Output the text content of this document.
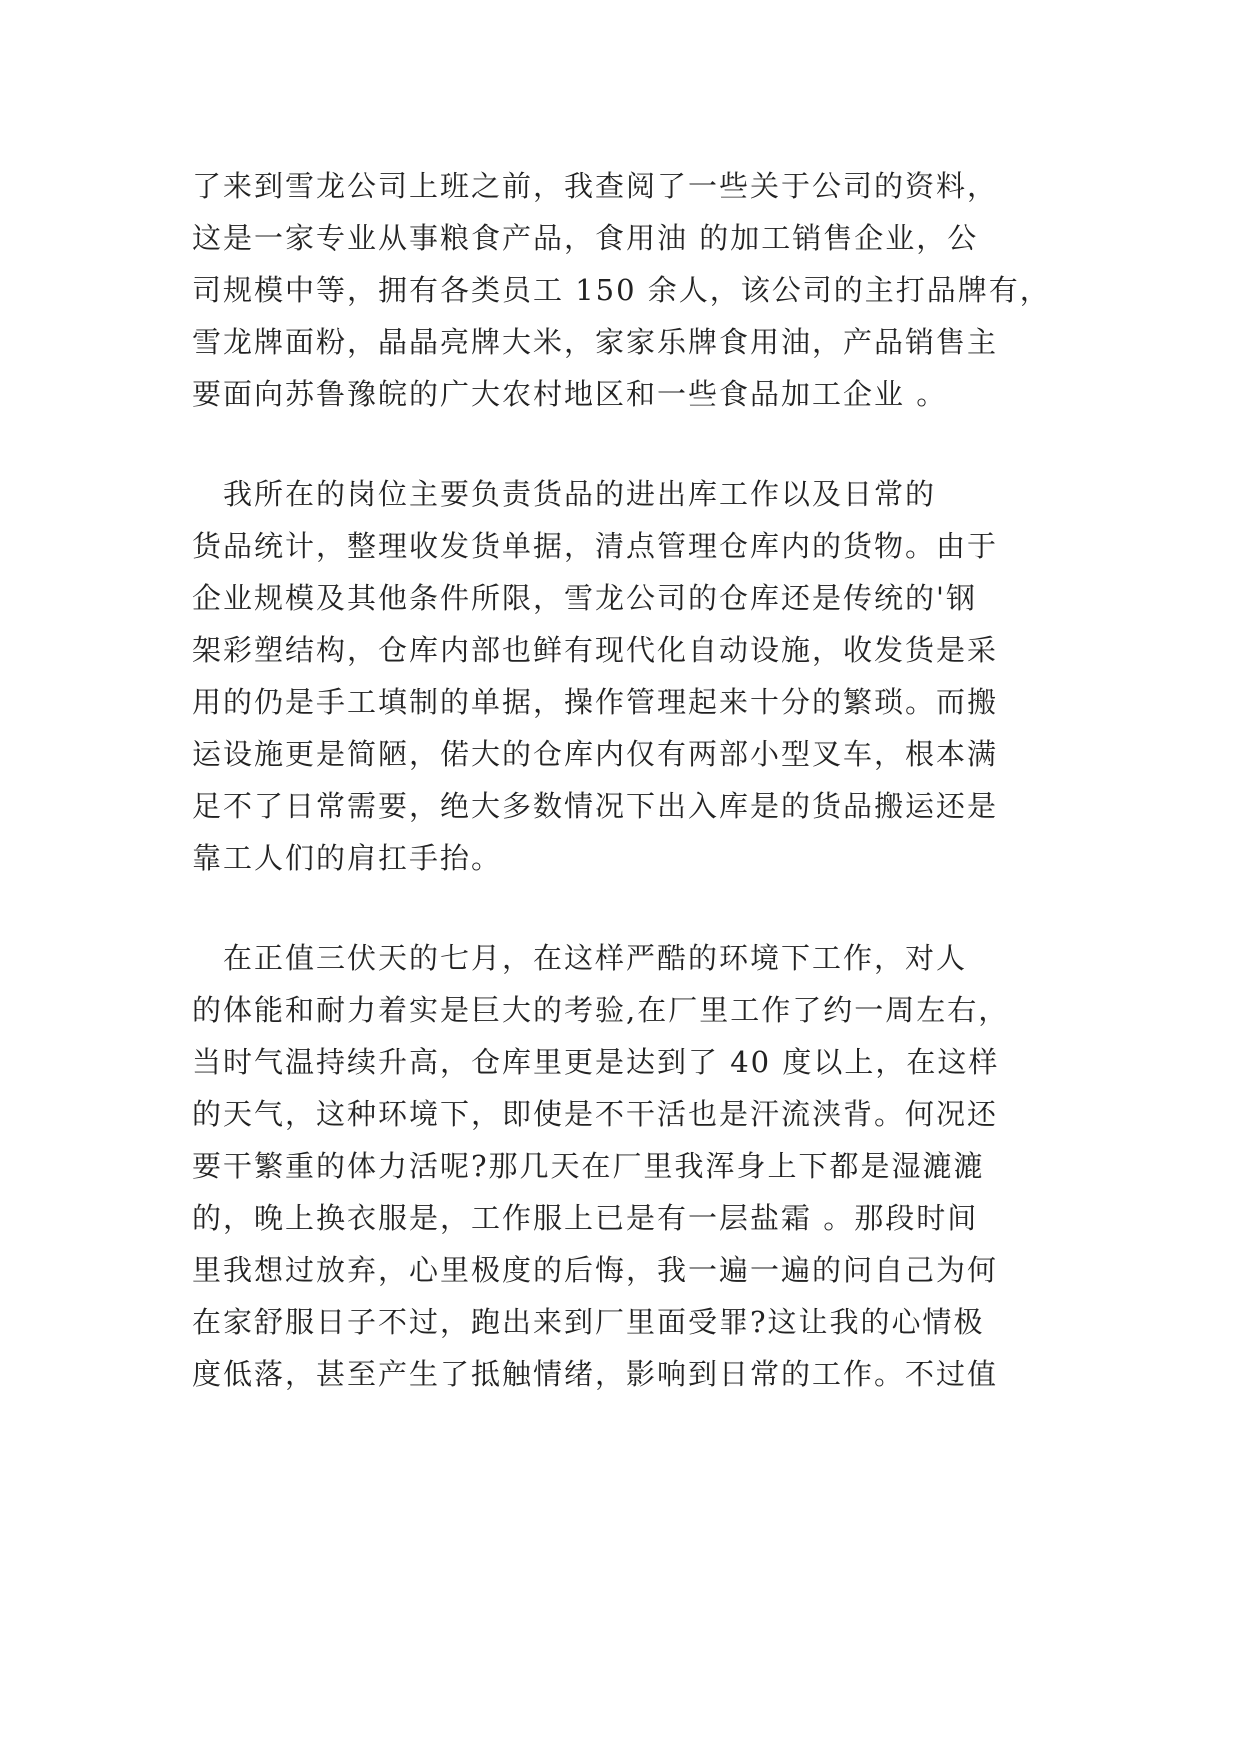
了来到雪龙公司上班之前，我查阅了一些关于公司的资料，
这是一家专业从事粮食产品，食用油 的加工销售企业，公
司规模中等，拥有各类员工 150 余人，该公司的主打品牌有，
雪龙牌面粉，晶晶亮牌大米，家家乐牌食用油，产品销售主
要面向苏鲁豫皖的广大农村地区和一些食品加工企业 。
　我所在的岗位主要负责货品的进出库工作以及日常的
货品统计，整理收发货单据，清点管理仓库内的货物。由于
企业规模及其他条件所限，雪龙公司的仓库还是传统的'钢
架彩塑结构，仓库内部也鲜有现代化自动设施，收发货是采
用的仍是手工填制的单据，操作管理起来十分的繁琐。而搬
运设施更是简陋，偌大的仓库内仅有两部小型叉车，根本满
足不了日常需要，绝大多数情况下出入库是的货品搬运还是
靠工人们的肩扛手抬。
　在正值三伏天的七月，在这样严酷的环境下工作，对人
的体能和耐力着实是巨大的考验,在厂里工作了约一周左右，
当时气温持续升高，仓库里更是达到了 40 度以上，在这样
的天气，这种环境下，即使是不干活也是汗流浃背。何况还
要干繁重的体力活呢?那几天在厂里我浑身上下都是湿漉漉
的，晚上换衣服是，工作服上已是有一层盐霜 。那段时间
里我想过放弃，心里极度的后悔，我一遍一遍的问自己为何
在家舒服日子不过，跑出来到厂里面受罪?这让我的心情极
度低落，甚至产生了抵触情绪，影响到日常的工作。不过值
